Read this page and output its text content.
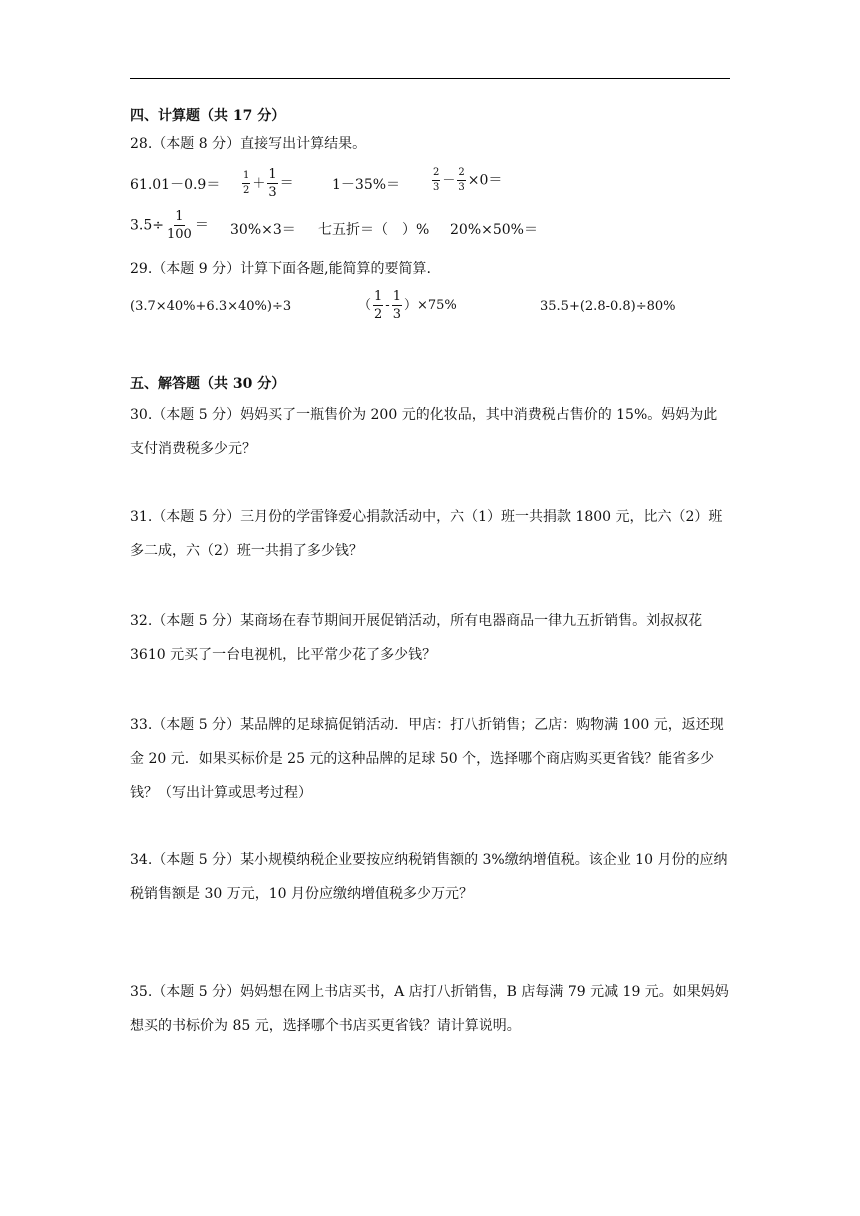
四、计算题（共 17 分）
28.（本题 8 分）直接写出计算结果。
$61.01-0.9= \frac{1}{2} + \frac{1}{3}$ ＝	1－35%＝	$\frac{2}{3} - \frac{2}{3} \times 0=$
$3.5\div \frac{1}{100} = 30\%\times 3=$ 七五折＝（　）% 20%×50%＝
29.（本题 9 分）计算下面各题,能简算的要简算.
(3.7×40%+6.3×40%)÷3	（ $\frac{1}{2} - \frac{1}{3} )\times 75\%$	35.5+(2.8-0.8)÷80%
五、解答题（共 30 分）
30.（本题 5 分）妈妈买了一瓶售价为 200 元的化妆品，其中消费税占售价的 15%。妈妈为此支付消费税多少元？
31.（本题 5 分）三月份的学雷锋爱心捐款活动中，六（1）班一共捐款 1800 元，比六（2）班多二成，六（2）班一共捐了多少钱？
32.（本题 5 分）某商场在春节期间开展促销活动，所有电器商品一律九五折销售。刘叔叔花 3610 元买了一台电视机，比平常少花了多少钱？
33.（本题 5 分）某品牌的足球搞促销活动．甲店：打八折销售；乙店：购物满 100 元，返还现金 20 元．如果买标价是 25 元的这种品牌的足球 50 个，选择哪个商店购买更省钱？能省多少钱？（写出计算或思考过程）
34.（本题 5 分）某小规模纳税企业要按应纳税销售额的 3%缴纳增值税。该企业 10 月份的应纳税销售额是 30 万元，10 月份应缴纳增值税多少万元？
35.（本题 5 分）妈妈想在网上书店买书，A 店打八折销售，B 店每满 79 元减 19 元。如果妈妈想买的书标价为 85 元，选择哪个书店买更省钱？请计算说明。
